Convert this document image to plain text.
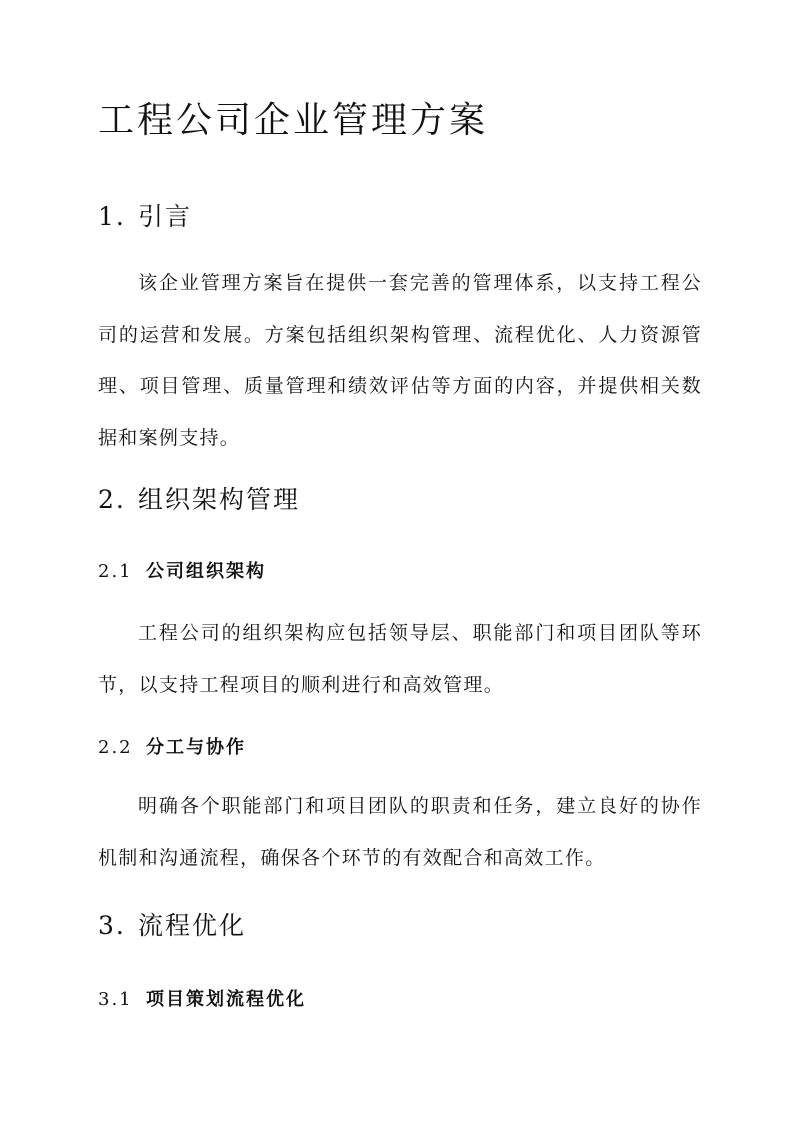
工程公司企业管理方案
1. 引言

该企业管理方案旨在提供一套完善的管理体系，以支持工程公司的运营和发展。方案包括组织架构管理、流程优化、人力资源管理、项目管理、质量管理和绩效评估等方面的内容，并提供相关数据和案例支持。

2. 组织架构管理
2.1 公司组织架构

工程公司的组织架构应包括领导层、职能部门和项目团队等环节，以支持工程项目的顺利进行和高效管理。

2.2 分工与协作

明确各个职能部门和项目团队的职责和任务，建立良好的协作机制和沟通流程，确保各个环节的有效配合和高效工作。

3. 流程优化
3.1 项目策划流程优化
